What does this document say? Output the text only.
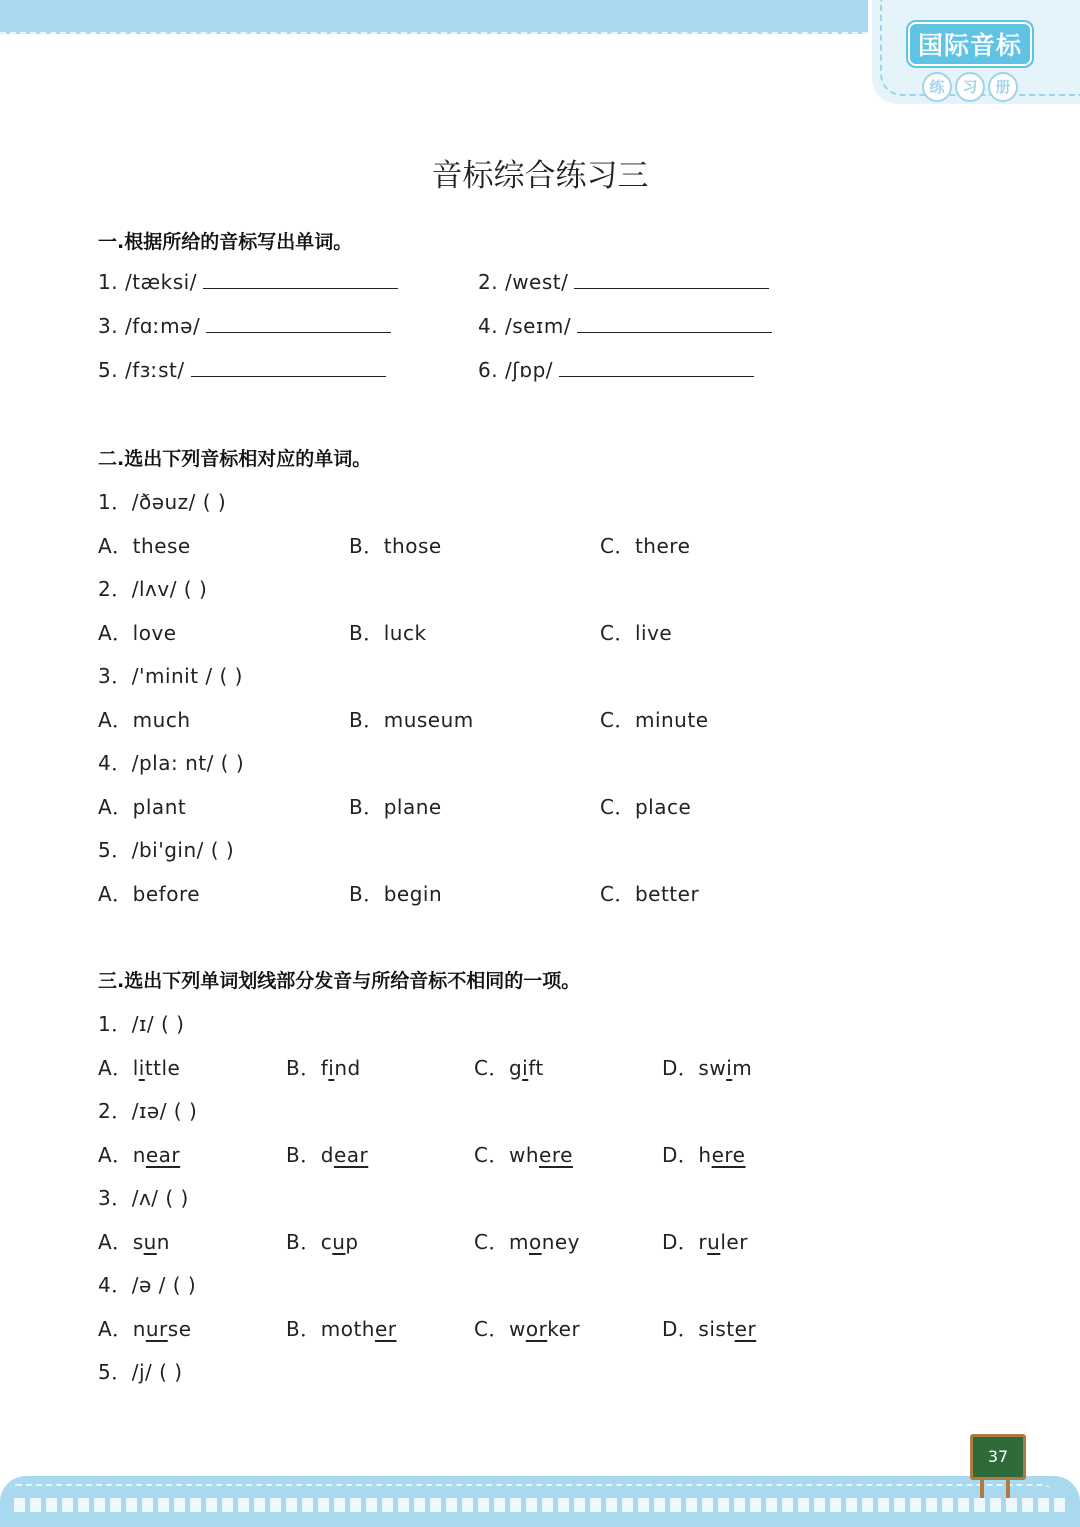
国际音标
练	习	册
音标综合练习三
一.根据所给的音标写出单词。
1. /tæksi/	2. /west/
3. /fɑːmə/	4. /seɪm/
5. /fɜːst/	6. /ʃɒp/
二.选出下列音标相对应的单词。
1．/ðəuz/ ( )
A．these	B．those	C．there
2．/lʌv/ ( )
A．love	B．luck	C．live
3．/'minit / ( )
A．much	B．museum	C．minute
4．/pla: nt/ ( )
A．plant	B．plane	C．place
5．/bi'gin/ ( )
A．before	B．begin	C．better
三.选出下列单词划线部分发音与所给音标不相同的一项。
1．/ɪ/ ( )
A．little	B．find	C．gift	D．swim
2．/ɪə/ ( )
A．near	B．dear	C．where	D．here
3．/ʌ/ ( )
A．sun	B．cup	C．money	D．ruler
4．/ə / ( )
A．nurse	B．mother	C．worker	D．sister
5．/j/ ( )
37
